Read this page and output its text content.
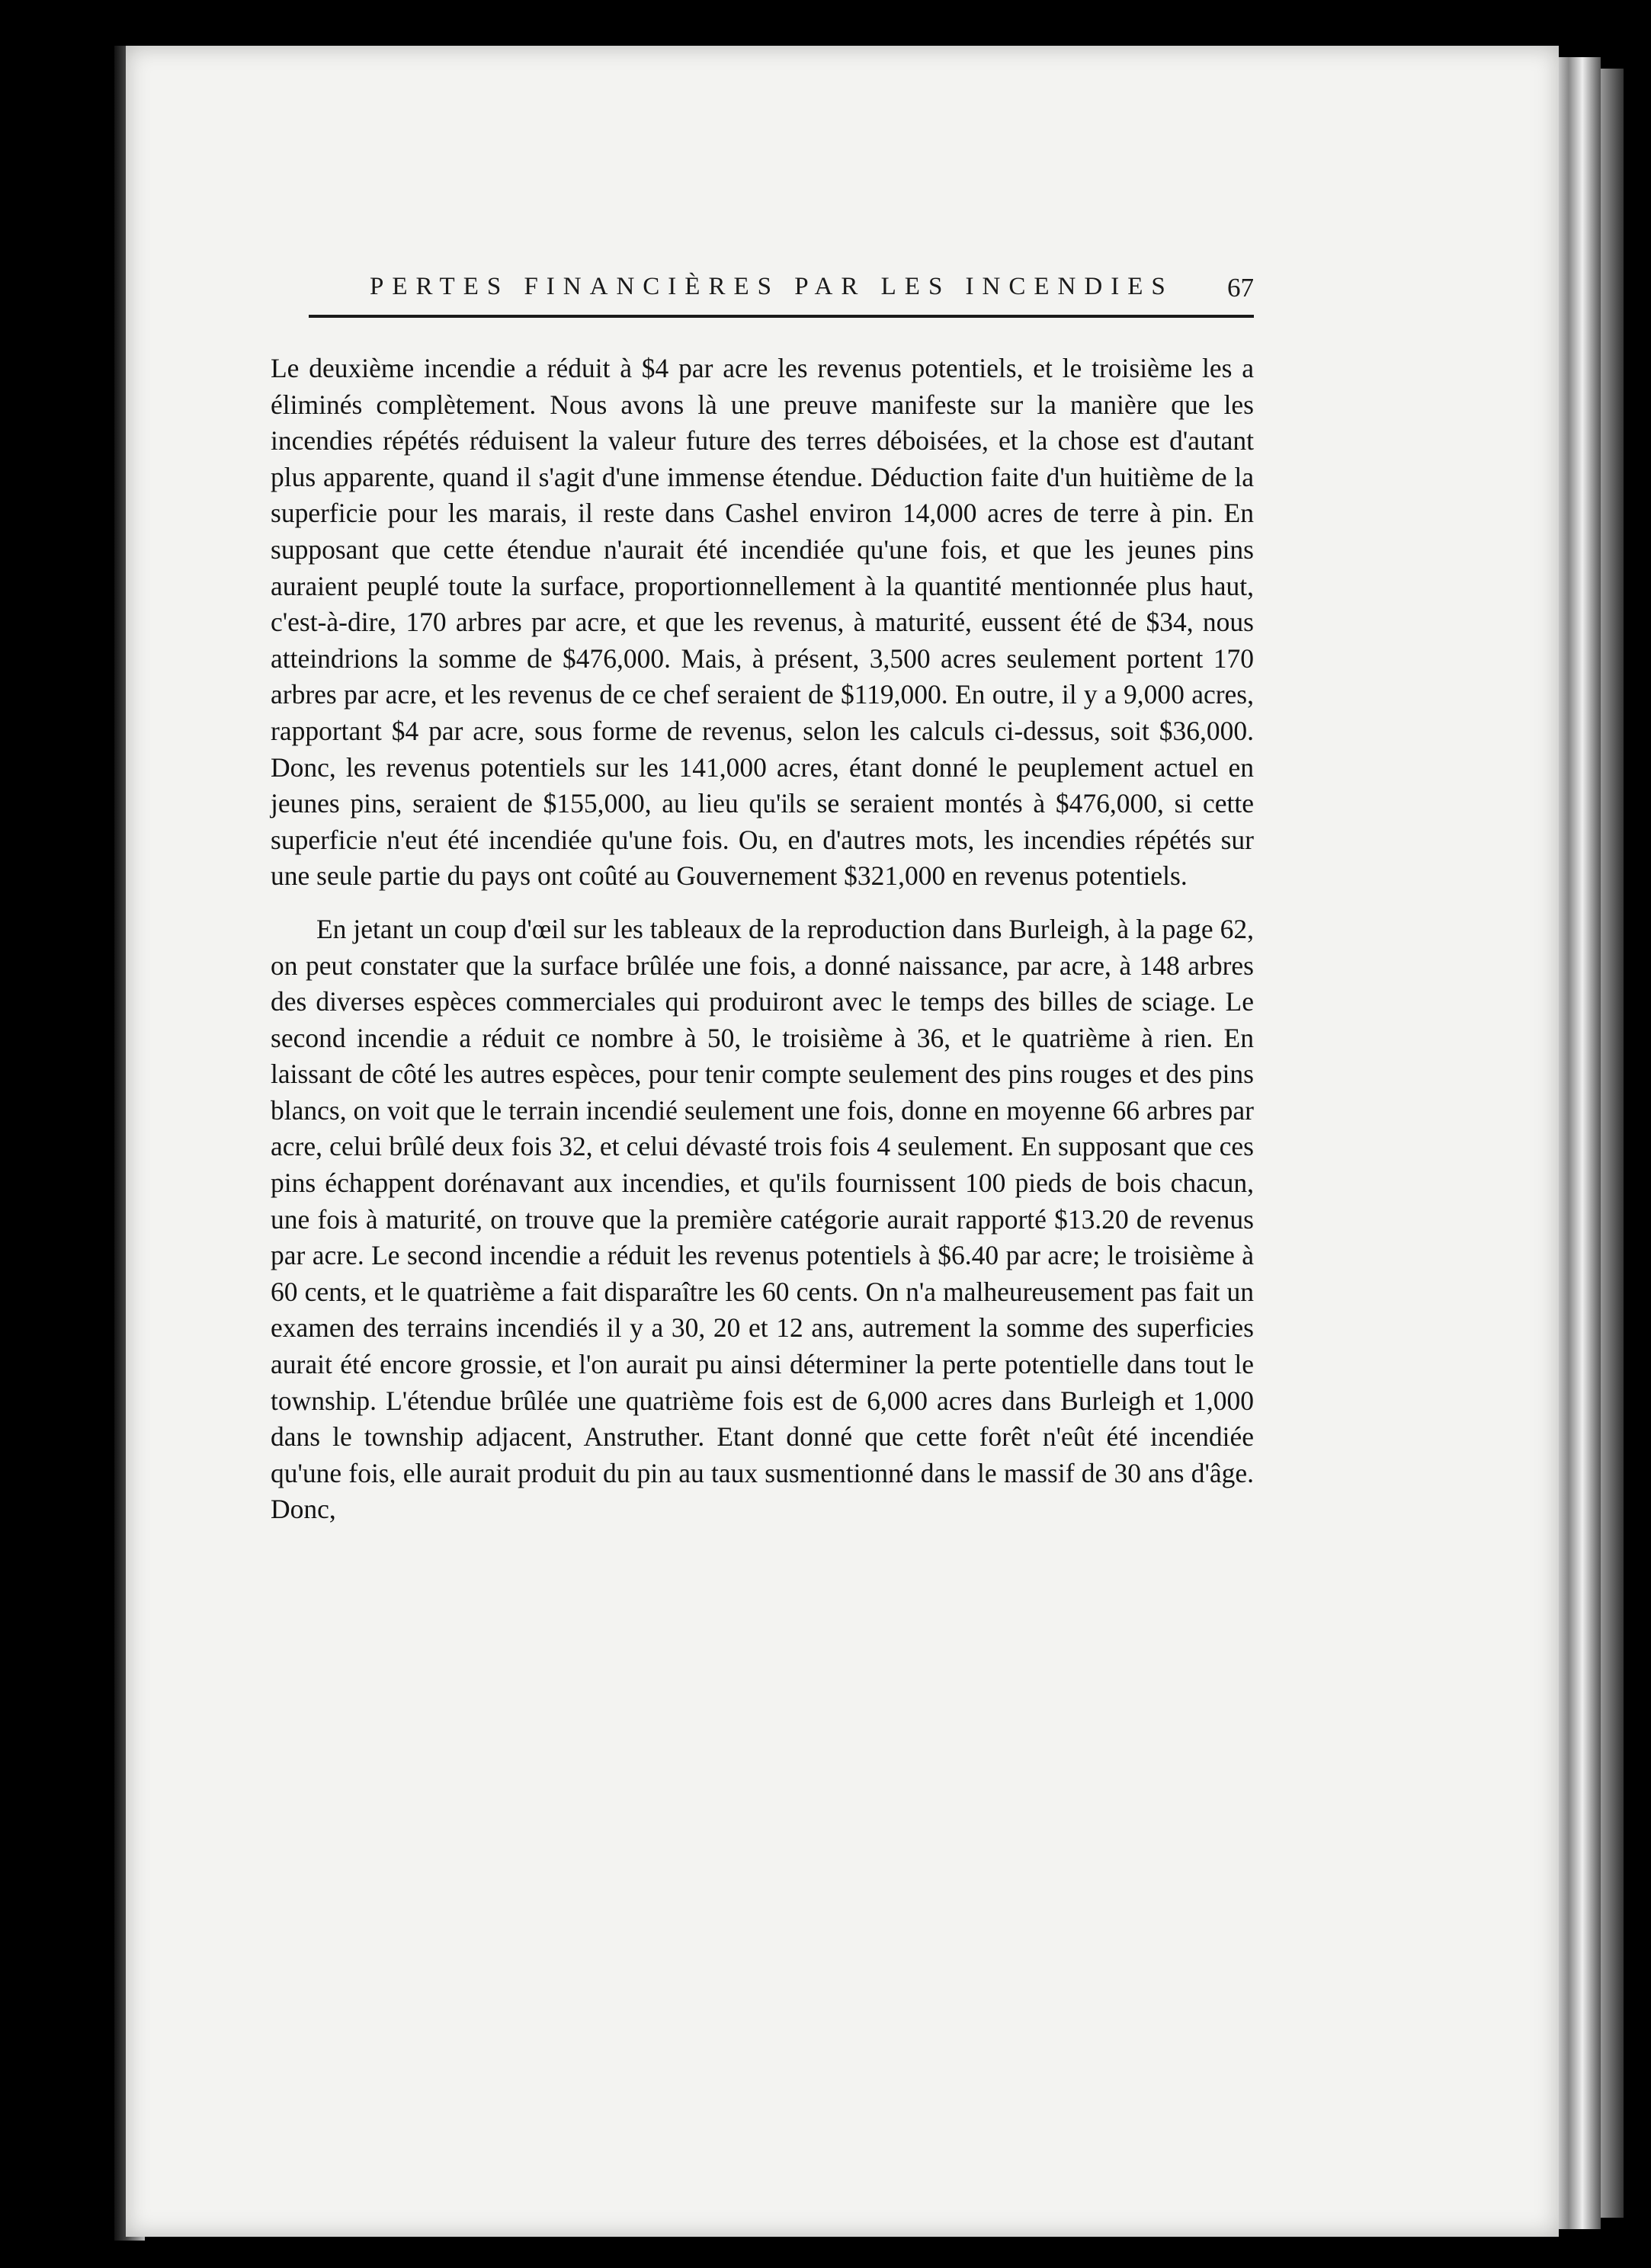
PERTES FINANCIÈRES PAR LES INCENDIES 67

Le deuxième incendie a réduit à $4 par acre les revenus potentiels, et le troisième les a éliminés complètement. Nous avons là une preuve manifeste sur la manière que les incendies répétés réduisent la valeur future des terres déboisées, et la chose est d'autant plus apparente, quand il s'agit d'une immense étendue. Déduction faite d'un huitième de la superficie pour les marais, il reste dans Cashel environ 14,000 acres de terre à pin. En supposant que cette étendue n'aurait été incendiée qu'une fois, et que les jeunes pins auraient peuplé toute la surface, proportionnellement à la quantité mentionnée plus haut, c'est-à-dire, 170 arbres par acre, et que les revenus, à maturité, eussent été de $34, nous atteindrions la somme de $476,000. Mais, à présent, 3,500 acres seulement portent 170 arbres par acre, et les revenus de ce chef seraient de $119,000. En outre, il y a 9,000 acres, rapportant $4 par acre, sous forme de revenus, selon les calculs ci-dessus, soit $36,000. Donc, les revenus potentiels sur les 141,000 acres, étant donné le peuplement actuel en jeunes pins, seraient de $155,000, au lieu qu'ils se seraient montés à $476,000, si cette superficie n'eut été incendiée qu'une fois. Ou, en d'autres mots, les incendies répétés sur une seule partie du pays ont coûté au Gouvernement $321,000 en revenus potentiels.

En jetant un coup d'œil sur les tableaux de la reproduction dans Burleigh, à la page 62, on peut constater que la surface brûlée une fois, a donné naissance, par acre, à 148 arbres des diverses espèces commerciales qui produiront avec le temps des billes de sciage. Le second incendie a réduit ce nombre à 50, le troisième à 36, et le quatrième à rien. En laissant de côté les autres espèces, pour tenir compte seulement des pins rouges et des pins blancs, on voit que le terrain incendié seulement une fois, donne en moyenne 66 arbres par acre, celui brûlé deux fois 32, et celui dévasté trois fois 4 seulement. En supposant que ces pins échappent dorénavant aux incendies, et qu'ils fournissent 100 pieds de bois chacun, une fois à maturité, on trouve que la première catégorie aurait rapporté $13.20 de revenus par acre. Le second incendie a réduit les revenus potentiels à $6.40 par acre; le troisième à 60 cents, et le quatrième a fait disparaître les 60 cents. On n'a malheureusement pas fait un examen des terrains incendiés il y a 30, 20 et 12 ans, autrement la somme des superficies aurait été encore grossie, et l'on aurait pu ainsi déterminer la perte potentielle dans tout le township. L'étendue brûlée une quatrième fois est de 6,000 acres dans Burleigh et 1,000 dans le township adjacent, Anstruther. Etant donné que cette forêt n'eût été incendiée qu'une fois, elle aurait produit du pin au taux susmentionné dans le massif de 30 ans d'âge. Donc,
